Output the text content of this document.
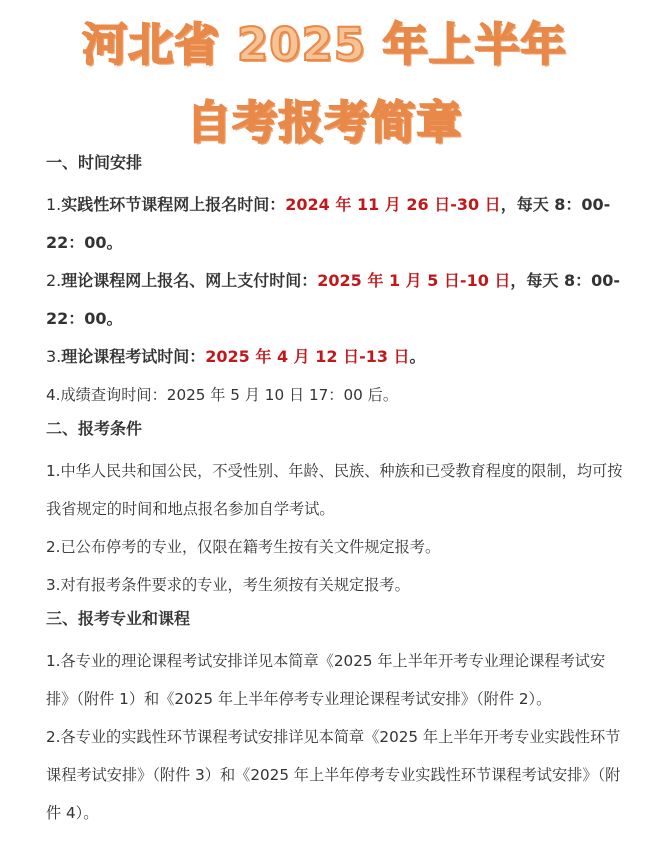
河北省 2025 年上半年
自考报考简章
一、时间安排

1.实践性环节课程网上报名时间：2024 年 11 月 26 日-30 日，每天 8：00-22：00。

2.理论课程网上报名、网上支付时间：2025 年 1 月 5 日-10 日，每天 8：00-22：00。

3.理论课程考试时间：2025 年 4 月 12 日-13 日。

4.成绩查询时间：2025 年 5 月 10 日 17：00 后。

二、报考条件

1.中华人民共和国公民，不受性别、年龄、民族、种族和已受教育程度的限制，均可按我省规定的时间和地点报名参加自学考试。

2.已公布停考的专业，仅限在籍考生按有关文件规定报考。

3.对有报考条件要求的专业，考生须按有关规定报考。

三、报考专业和课程

1.各专业的理论课程考试安排详见本简章《2025 年上半年开考专业理论课程考试安排》（附件 1）和《2025 年上半年停考专业理论课程考试安排》（附件 2）。

2.各专业的实践性环节课程考试安排详见本简章《2025 年上半年开考专业实践性环节课程考试安排》（附件 3）和《2025 年上半年停考专业实践性环节课程考试安排》（附件 4）。
